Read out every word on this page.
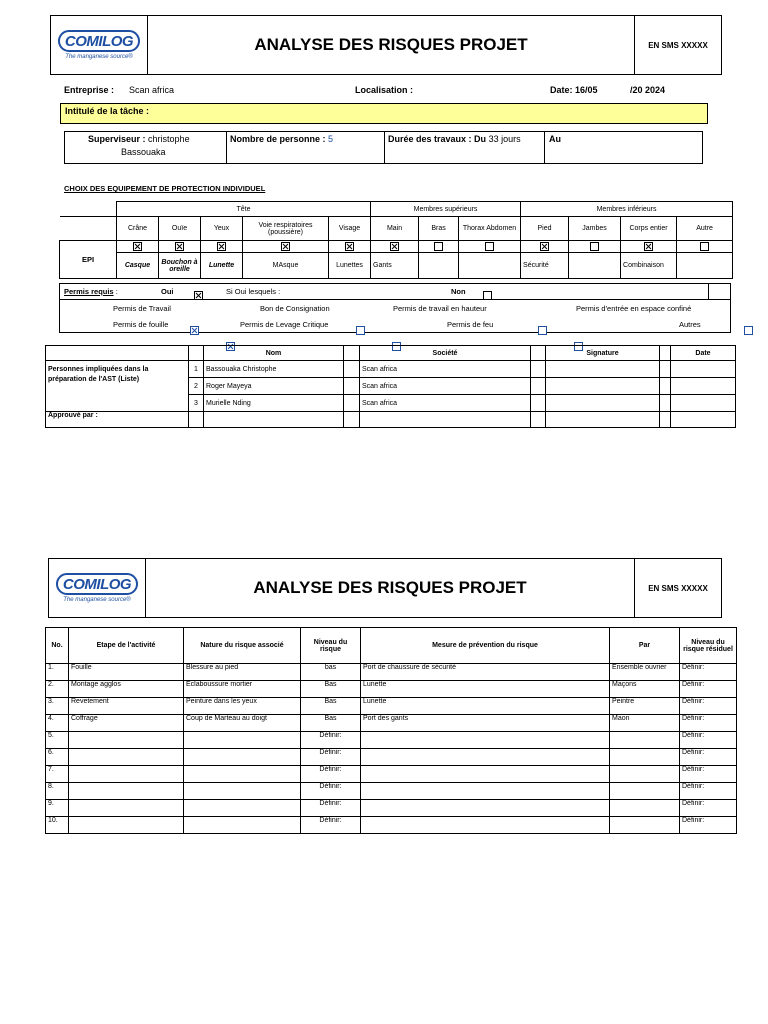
COMILOG
The manganese source®
ANALYSE DES RISQUES PROJET	EN SMS XXXXX
Entreprise : Scan africa	Localisation :	Date: 16/05	/20 2024
Intitulé de la tâche :
Superviseur : christophe
Bassouaka
Nombre de personne : 5	Durée des travaux : Du 33 jours	Au
CHOIX DES EQUIPEMENT DE PROTECTION INDIVIDUEL
	Tête					Membres supérieurs			Membres inférieurs			
	Crâne	Ouïe	Yeux	Voie respiratoires (poussière)	Visage	Main	Bras	Thorax Abdomen	Pied	Jambes	Corps entier	Autre
EPI												
	Casque	Bouchon à oreille	Lunette	MAsque	Lunettes	Gants			Sécurité		Combinaison	
Permis requis :	Oui
	Si Oui lesquels :	Non
Permis de Travail	Bon de Consignation	Permis de travail en hauteur	Permis d'entrée en espace confiné
Permis de fouille	Permis de Levage Critique	Permis de feu	Autres
		Nom		Société		Signature		Date
Personnes impliquées dans la préparation de l'AST (Liste)	1	Bassouaka Christophe		Scan africa				
	2	Roger Mayeya		Scan africa				
	3	Murielle Nding		Scan africa				
Approuvé par :								
COMILOG
The manganese source®
ANALYSE DES RISQUES PROJET	EN SMS XXXXX
No.	Etape de l'activité	Nature du risque associé	Niveau du risque	Mesure de prévention du risque	Par	Niveau du risque résiduel
1.	Fouille	Blessure au pied	bas	Port de chaussure de sécurité	Ensemble ouvrier	Définir:
2.	Montage agglos	Eclaboussure mortier	Bas	Lunette	Maçons	Définir:
3.	Revetement	Peinture dans les yeux	Bas	Lunette	Peintre	Définir:
4.	Coffrage	Coup de Marteau au doigt	Bas	Port des gants	Maon	Définir:
5.			Définir:			Définir:
6.			Définir:			Définir:
7.			Définir:			Définir:
8.			Définir:			Définir:
9.			Définir:			Définir:
10.			Définir:			Définir:
